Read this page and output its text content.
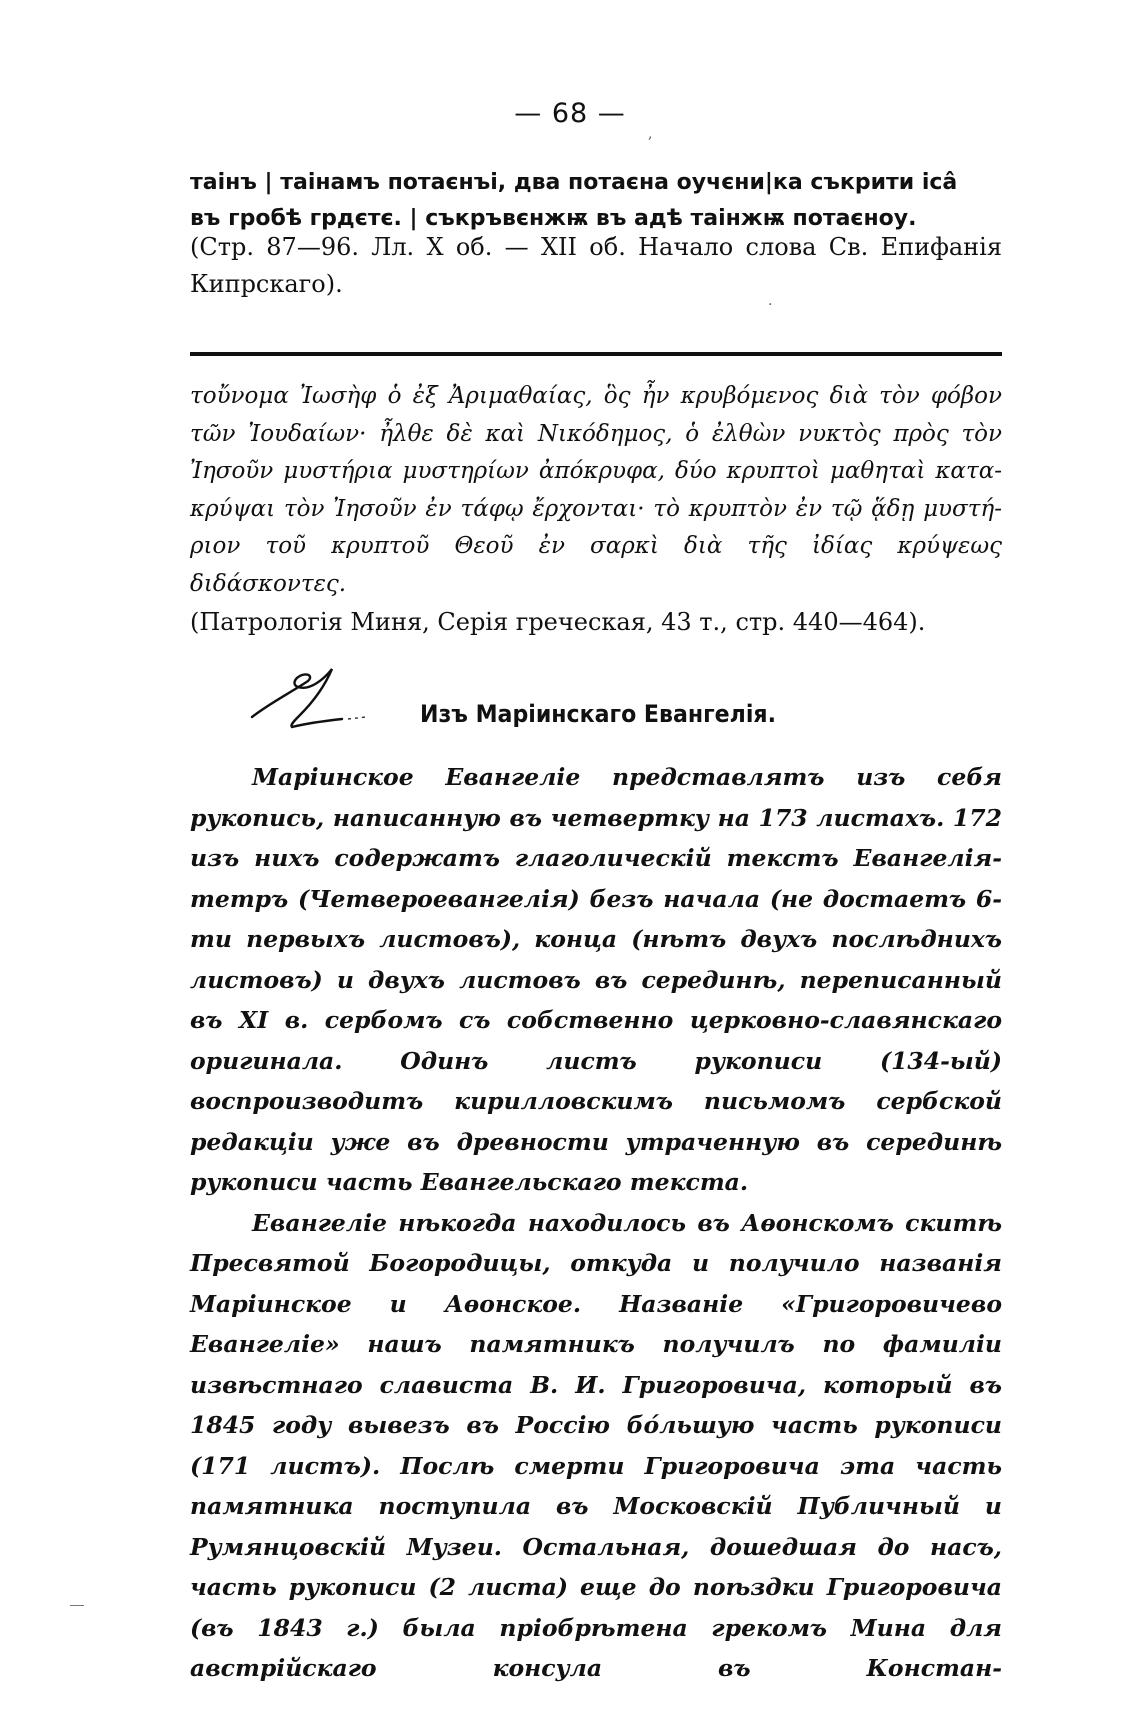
— 68 —
таінъ | таінамъ потаєнъі, два потаєна оучєни|ка съкрити ісâ
въ гробѣ грдєтє. | съкръвєнжѭ въ адѣ таінжѭ потаєноу.
(Стр. 87—96. Лл. X об. — XII об. Начало слова Св. Епифанія Кипрскаго).
τοὔνομα Ἰωσὴφ ὁ ἐξ Ἀριμαθαίας, ὃς ἦν κρυβόμενος διὰ τὸν φόβον
τῶν Ἰουδαίων· ἦλθε δὲ καὶ Νικόδημος, ὁ ἐλθὼν νυκτὸς πρὸς τὸν
Ἰησοῦν μυστήρια μυστηρίων ἀπόκρυφα, δύο κρυπτοὶ μαθηταὶ κατα-
κρύψαι τὸν Ἰησοῦν ἐν τάφῳ ἔρχονται· τὸ κρυπτὸν ἐν τῷ ᾅδῃ μυστή-
ριον τοῦ κρυπτοῦ Θεοῦ ἐν σαρκὶ διὰ τῆς ἰδίας κρύψεως διδάσκοντες.
(Патрологія Миня, Серія греческая, 43 т., стр. 440—464).
Изъ Маріинскаго Евангелія.

Маріинское Евангеліе представлятъ изъ себя рукопись, написанную въ четвертку на 173 листахъ. 172 изъ нихъ содержатъ глаголическій текстъ Евангелія-тетръ (Четвероевангелія) безъ начала (не достаетъ 6-ти первыхъ листовъ), конца (нѣтъ двухъ послѣднихъ листовъ) и двухъ листовъ въ серединѣ, переписанный въ XI в. сербомъ съ собственно церковно-славянскаго оригинала. Одинъ листъ рукописи (134-ый) воспроизводитъ кирилловскимъ письмомъ сербской редакціи уже въ древности утраченную въ серединѣ рукописи часть Евангельскаго текста.

Евангеліе нѣкогда находилось въ Аѳонскомъ скитѣ Пресвятой Богородицы, откуда и получило названія Маріинское и Аѳонское. Названіе «Григоровичево Евангеліе» нашъ памятникъ получилъ по фамиліи извѣстнаго слависта В. И. Григоровича, который въ 1845 году вывезъ въ Россію бо́льшую часть рукописи (171 листъ). Послѣ смерти Григоровича эта часть памятника поступила въ Московскій Публичный и Румянцовскій Музеи. Остальная, дошедшая до насъ, часть рукописи (2 листа) еще до поѣздки Григоровича (въ 1843 г.) была пріобрѣтена грекомъ Мина для австрійскаго консула въ Констан-

,
.
